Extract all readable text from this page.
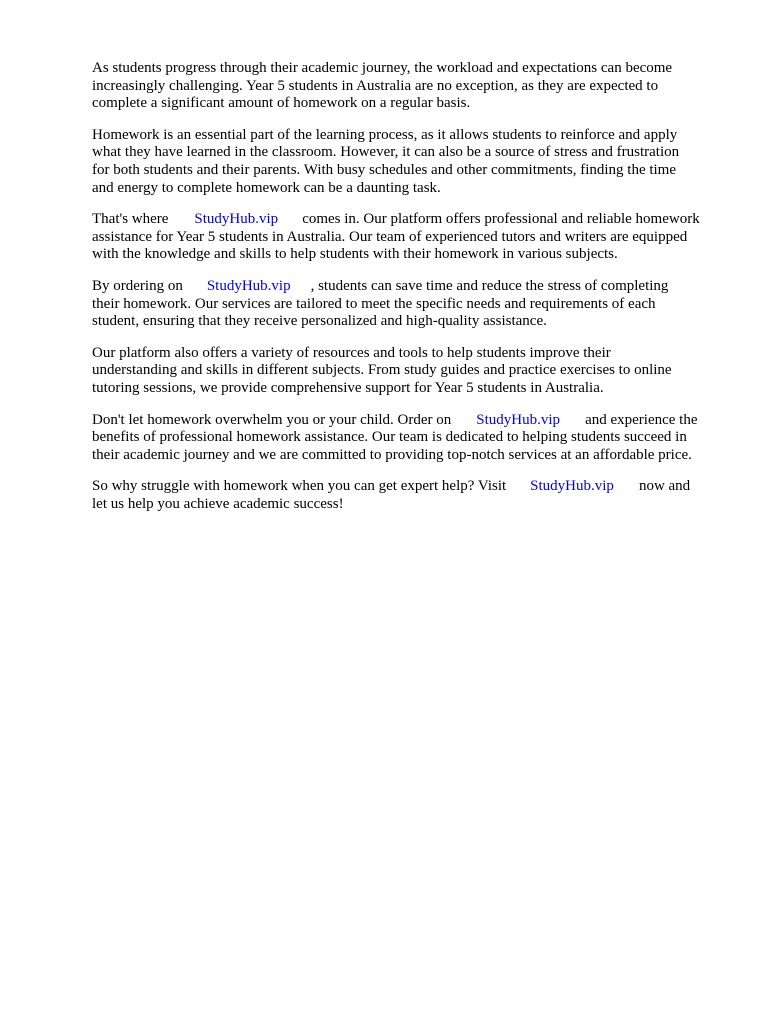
As students progress through their academic journey, the workload and expectations can become
increasingly challenging. Year 5 students in Australia are no exception, as they are expected to
complete a significant amount of homework on a regular basis.

Homework is an essential part of the learning process, as it allows students to reinforce and apply
what they have learned in the classroom. However, it can also be a source of stress and frustration
for both students and their parents. With busy schedules and other commitments, finding the time
and energy to complete homework can be a daunting task.

That's where StudyHub.vip comes in. Our platform offers professional and reliable homework
assistance for Year 5 students in Australia. Our team of experienced tutors and writers are equipped
with the knowledge and skills to help students with their homework in various subjects.

By ordering on StudyHub.vip , students can save time and reduce the stress of completing
their homework. Our services are tailored to meet the specific needs and requirements of each
student, ensuring that they receive personalized and high-quality assistance.

Our platform also offers a variety of resources and tools to help students improve their
understanding and skills in different subjects. From study guides and practice exercises to online
tutoring sessions, we provide comprehensive support for Year 5 students in Australia.

Don't let homework overwhelm you or your child. Order on StudyHub.vip and experience the
benefits of professional homework assistance. Our team is dedicated to helping students succeed in
their academic journey and we are committed to providing top-notch services at an affordable price.

So why struggle with homework when you can get expert help? Visit StudyHub.vip now and
let us help you achieve academic success!
